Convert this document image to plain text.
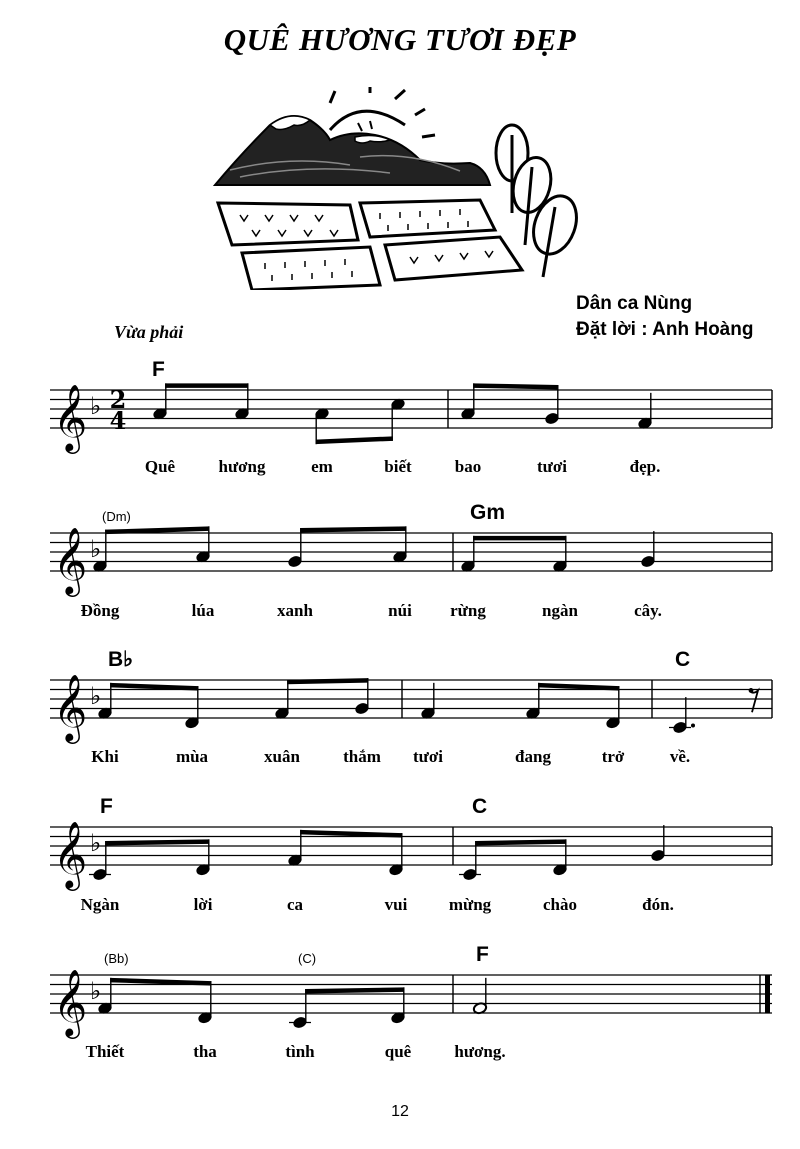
QUÊ HƯƠNG TƯƠI ĐẸP
Dân ca Nùng
Đặt lời : Anh Hoàng
Vừa phải
𝄞 ♭ 2
4
F
Quê	hương	em	biết	bao	tươi	đẹp.
𝄞 ♭
(Dm)	Gm
Đồng	lúa	xanh	núi rừng	ngàn	cây.
𝄞 ♭
B♭	C
Khi	mùa	xuân	thắm tươi	đang	trở	về.
𝄞 ♭
F	C
Ngàn	lời	ca	vui mừng	chào	đón.
𝄞 ♭
(Bb)	(C)	F
Thiết	tha	tình	quê	hương.
12
